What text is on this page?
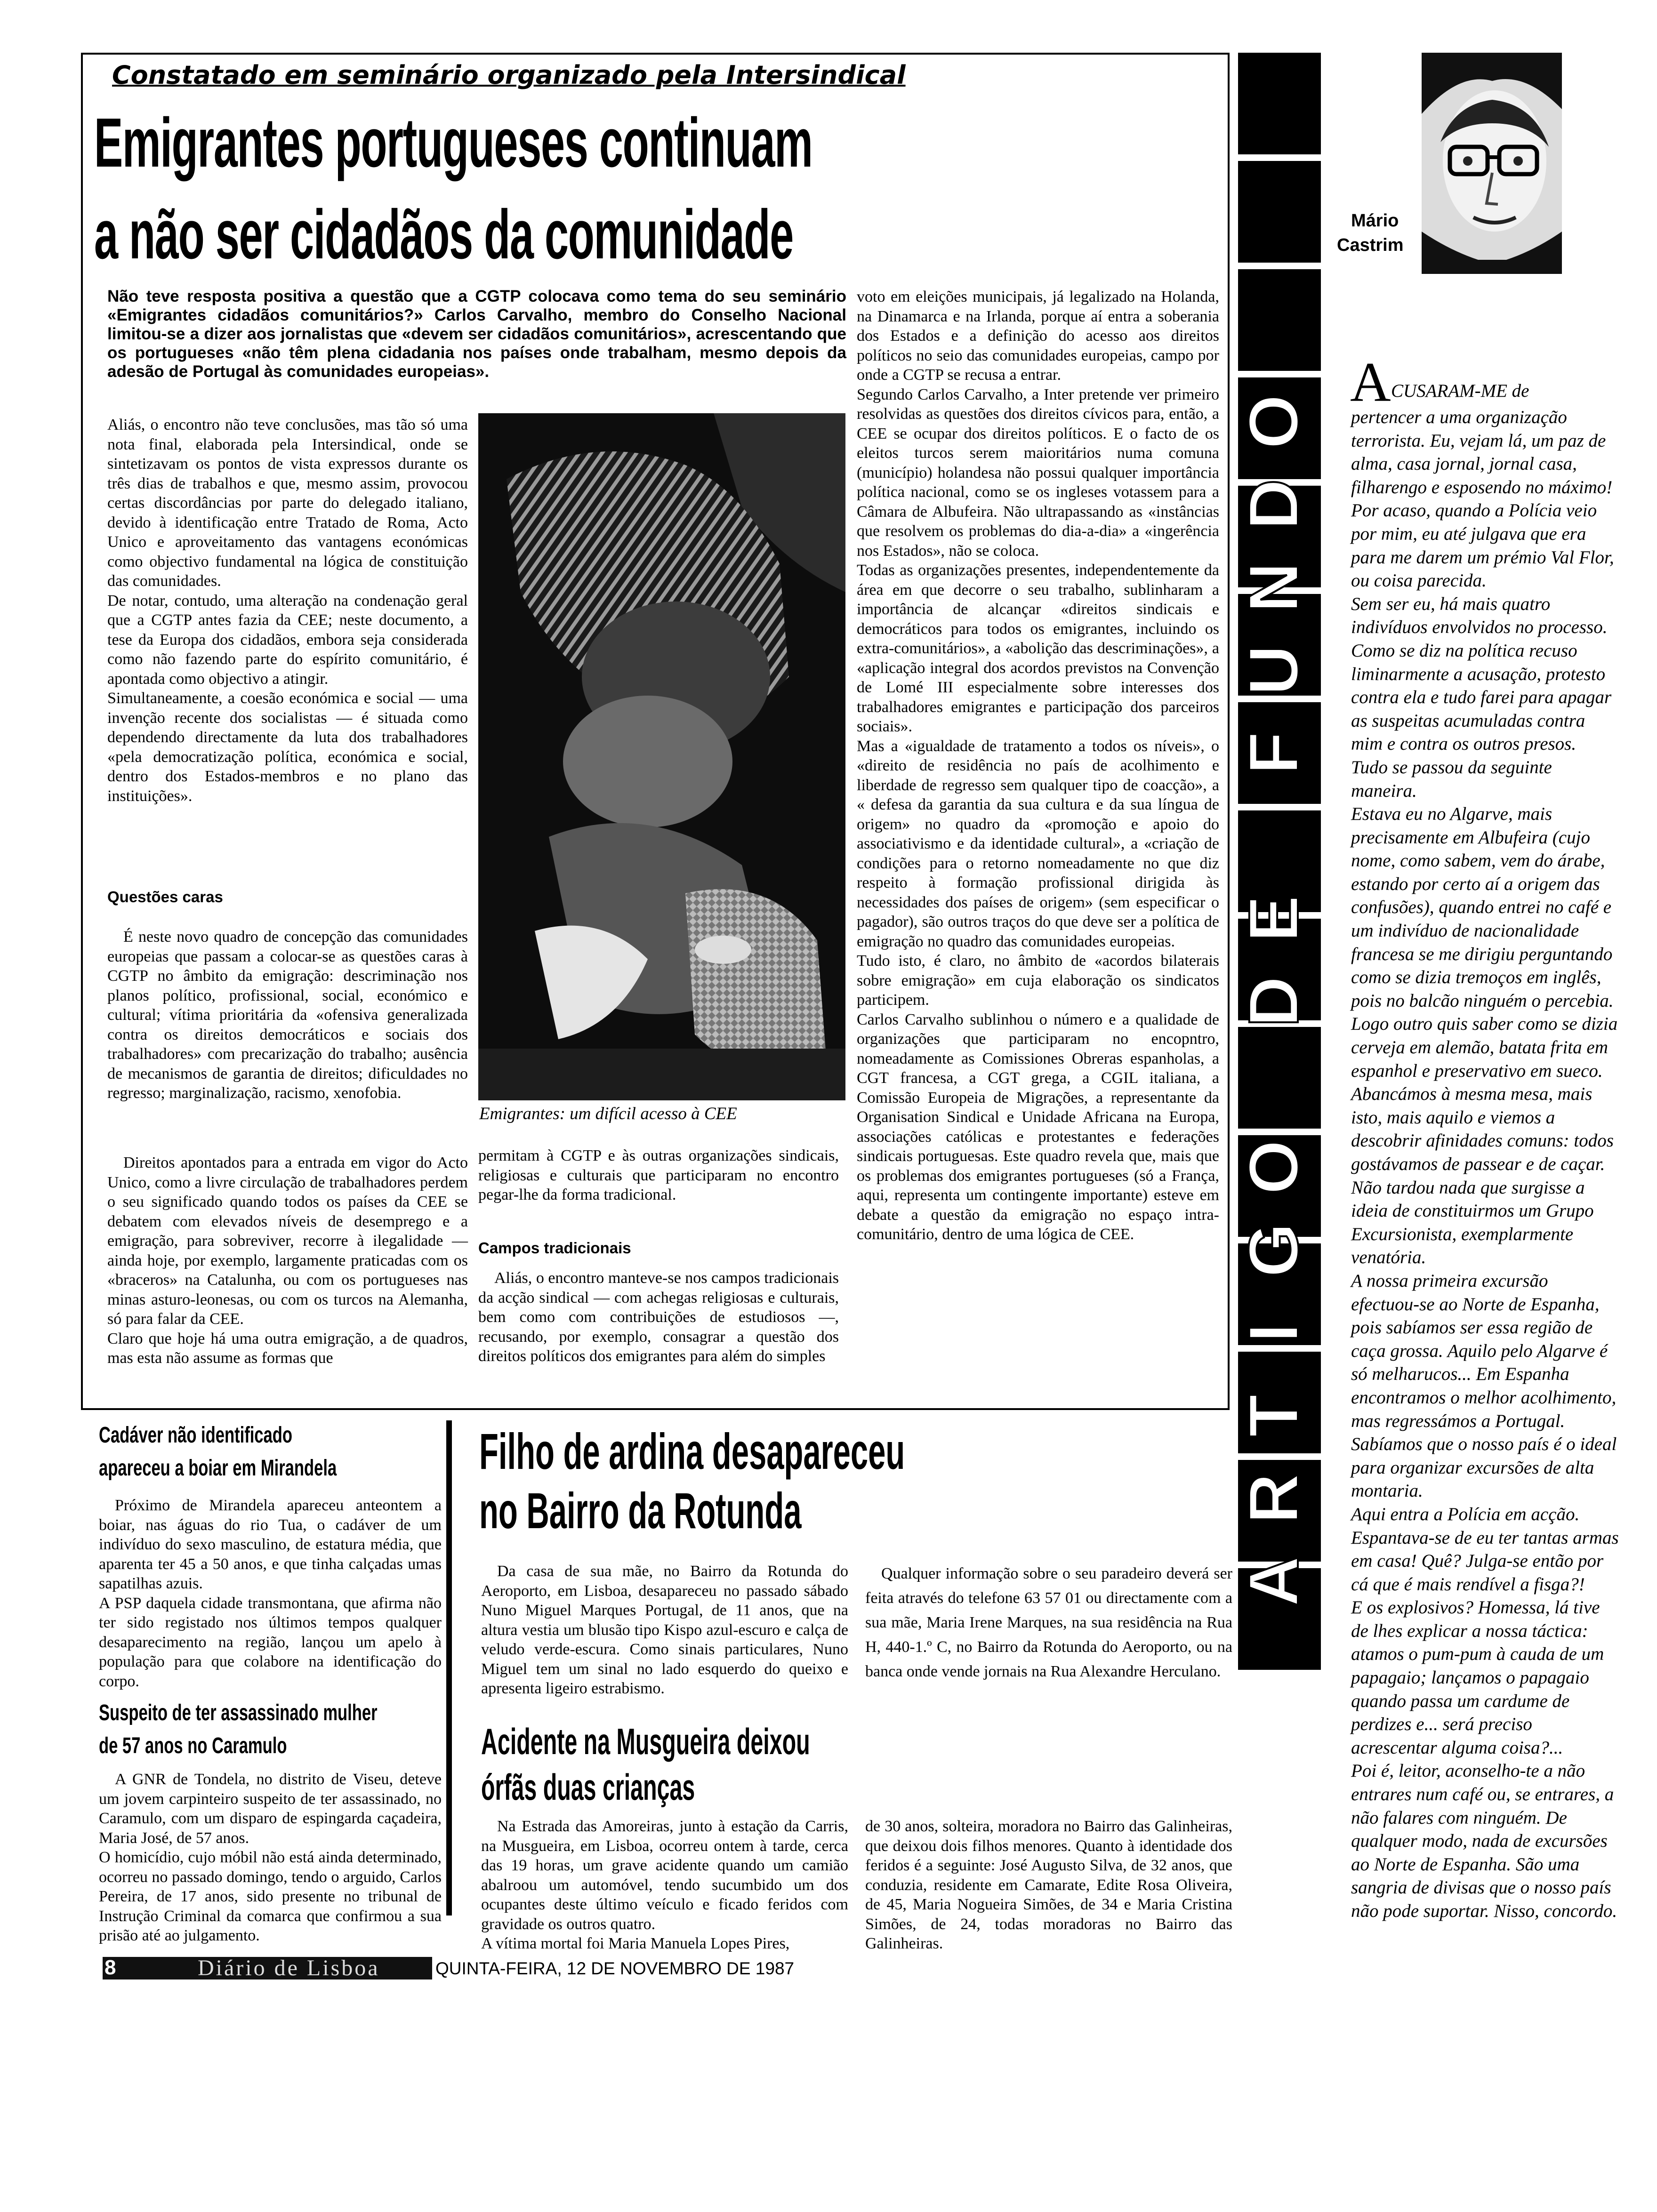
Constatado em seminário organizado pela Intersindical
Emigrantes portugueses continuam
a não ser cidadãos da comunidade
Não teve resposta positiva a questão que a CGTP colocava como tema do seu seminário «Emigrantes cidadãos comunitários?» Carlos Carvalho, membro do Conselho Nacional limitou-se a dizer aos jornalistas que «devem ser cidadãos comunitários», acrescentando que os portugueses «não têm plena cidadania nos países onde trabalham, mesmo depois da adesão de Portugal às comunidades europeias».
Aliás, o encontro não teve conclusões, mas tão só uma nota final, elaborada pela Intersindical, onde se sintetizavam os pontos de vista expressos durante os três dias de trabalhos e que, mesmo assim, provocou certas discordâncias por parte do delegado italiano, devido à identificação entre Tratado de Roma, Acto Unico e aproveitamento das vantagens económicas como objectivo fundamental na lógica de constituição das comunidades.
De notar, contudo, uma alteração na condenação geral que a CGTP antes fazia da CEE; neste documento, a tese da Europa dos cidadãos, embora seja considerada como não fazendo parte do espírito comunitário, é apontada como objectivo a atingir.
Simultaneamente, a coesão económica e social — uma invenção recente dos socialistas — é situada como dependendo directamente da luta dos trabalhadores «pela democratização política, económica e social, dentro dos Estados-membros e no plano das instituições».
Questões caras
É neste novo quadro de concepção das comunidades europeias que passam a colocar-se as questões caras à CGTP no âmbito da emigração: descriminação nos planos político, profissional, social, económico e cultural; vítima prioritária da «ofensiva generalizada contra os direitos democráticos e sociais dos trabalhadores» com precarização do trabalho; ausência de mecanismos de garantia de direitos; dificuldades no regresso; marginalização, racismo, xenofobia.
Direitos apontados para a entrada em vigor do Acto Unico, como a livre circulação de trabalhadores perdem o seu significado quando todos os países da CEE se debatem com elevados níveis de desemprego e a emigração, para sobreviver, recorre à ilegalidade — ainda hoje, por exemplo, largamente praticadas com os «braceros» na Catalunha, ou com os portugueses nas minas asturo-leonesas, ou com os turcos na Alemanha, só para falar da CEE.
Claro que hoje há uma outra emigração, a de quadros, mas esta não assume as formas que
Emigrantes: um difícil acesso à CEE
permitam à CGTP e às outras organizações sindicais, religiosas e culturais que participaram no encontro pegar-lhe da forma tradicional.
Campos tradicionais
Aliás, o encontro manteve-se nos campos tradicionais da acção sindical — com achegas religiosas e culturais, bem como com contribuições de estudiosos —, recusando, por exemplo, consagrar a questão dos direitos políticos dos emigrantes para além do simples
voto em eleições municipais, já legalizado na Holanda, na Dinamarca e na Irlanda, porque aí entra a soberania dos Estados e a definição do acesso aos direitos políticos no seio das comunidades europeias, campo por onde a CGTP se recusa a entrar.
Segundo Carlos Carvalho, a Inter pretende ver primeiro resolvidas as questões dos direitos cívicos para, então, a CEE se ocupar dos direitos políticos. E o facto de os eleitos turcos serem maioritários numa comuna (município) holandesa não possui qualquer importância política nacional, como se os ingleses votassem para a Câmara de Albufeira. Não ultrapassando as «instâncias que resolvem os problemas do dia-a-dia» a «ingerência nos Estados», não se coloca.
Todas as organizações presentes, independentemente da área em que decorre o seu trabalho, sublinharam a importância de alcançar «direitos sindicais e democráticos para todos os emigrantes, incluindo os extra-comunitários», a «abolição das descriminações», a «aplicação integral dos acordos previstos na Convenção de Lomé III especialmente sobre interesses dos trabalhadores emigrantes e participação dos parceiros sociais».
Mas a «igualdade de tratamento a todos os níveis», o «direito de residência no país de acolhimento e liberdade de regresso sem qualquer tipo de coacção», a « defesa da garantia da sua cultura e da sua língua de origem» no quadro da «promoção e apoio do associativismo e da identidade cultural», a «criação de condições para o retorno nomeadamente no que diz respeito à formação profissional dirigida às necessidades dos países de origem» (sem especificar o pagador), são outros traços do que deve ser a política de emigração no quadro das comunidades europeias.
Tudo isto, é claro, no âmbito de «acordos bilaterais sobre emigração» em cuja elaboração os sindicatos participem.
Carlos Carvalho sublinhou o número e a qualidade de organizações que participaram no encopntro, nomeadamente as Comissiones Obreras espanholas, a CGT francesa, a CGT grega, a CGIL italiana, a Comissão Europeia de Migrações, a representante da Organisation Sindical e Unidade Africana na Europa, associações católicas e protestantes e federações sindicais portuguesas. Este quadro revela que, mais que os problemas dos emigrantes portugueses (só a França, aqui, representa um contingente importante) esteve em debate a questão da emigração no espaço intra-comunitário, dentro de uma lógica de CEE.
Cadáver não identificado
apareceu a boiar em Mirandela
Próximo de Mirandela apareceu anteontem a boiar, nas águas do rio Tua, o cadáver de um indivíduo do sexo masculino, de estatura média, que aparenta ter 45 a 50 anos, e que tinha calçadas umas sapatilhas azuis.
A PSP daquela cidade transmontana, que afirma não ter sido registado nos últimos tempos qualquer desaparecimento na região, lançou um apelo à população para que colabore na identificação do corpo.
Suspeito de ter assassinado mulher
de 57 anos no Caramulo
A GNR de Tondela, no distrito de Viseu, deteve um jovem carpinteiro suspeito de ter assassinado, no Caramulo, com um disparo de espingarda caçadeira, Maria José, de 57 anos.
O homicídio, cujo móbil não está ainda determinado, ocorreu no passado domingo, tendo o arguido, Carlos Pereira, de 17 anos, sido presente no tribunal de Instrução Criminal da comarca que confirmou a sua prisão até ao julgamento.
Filho de ardina desapareceu
no Bairro da Rotunda
Da casa de sua mãe, no Bairro da Rotunda do Aeroporto, em Lisboa, desapareceu no passado sábado Nuno Miguel Marques Portugal, de 11 anos, que na altura vestia um blusão tipo Kispo azul-escuro e calça de veludo verde-escura. Como sinais particulares, Nuno Miguel tem um sinal no lado esquerdo do queixo e apresenta ligeiro estrabismo.
Qualquer informação sobre o seu paradeiro deverá ser feita através do telefone 63 57 01 ou directamente com a sua mãe, Maria Irene Marques, na sua residência na Rua H, 440-1.º C, no Bairro da Rotunda do Aeroporto, ou na banca onde vende jornais na Rua Alexandre Herculano.
Acidente na Musgueira deixou
órfãs duas crianças
Na Estrada das Amoreiras, junto à estação da Carris, na Musgueira, em Lisboa, ocorreu ontem à tarde, cerca das 19 horas, um grave acidente quando um camião abalroou um automóvel, tendo sucumbido um dos ocupantes deste último veículo e ficado feridos com gravidade os outros quatro.
A vítima mortal foi Maria Manuela Lopes Pires,
de 30 anos, solteira, moradora no Bairro das Galinheiras, que deixou dois filhos menores. Quanto à identidade dos feridos é a seguinte: José Augusto Silva, de 32 anos, que conduzia, residente em Camarate, Edite Rosa Oliveira, de 45, Maria Nogueira Simões, de 34 e Maria Cristina Simões, de 24, todas moradoras no Bairro das Galinheiras.
8	Diário de Lisboa	QUINTA-FEIRA, 12 DE NOVEMBRO DE 1987
Mário
Castrim
O
D
N
U
F
E
D
O
G
I
T
R
A
A CUSARAM-ME de
pertencer a uma organização terrorista. Eu, vejam lá, um paz de alma, casa jornal, jornal casa, filharengo e esposendo no máximo! Por acaso, quando a Polícia veio por mim, eu até julgava que era para me darem um prémio Val Flor, ou coisa parecida.
Sem ser eu, há mais quatro indivíduos envolvidos no processo. Como se diz na política recuso liminarmente a acusação, protesto contra ela e tudo farei para apagar as suspeitas acumuladas contra mim e contra os outros presos.
Tudo se passou da seguinte maneira.
Estava eu no Algarve, mais precisamente em Albufeira (cujo nome, como sabem, vem do árabe, estando por certo aí a origem das confusões), quando entrei no café e um indivíduo de nacionalidade francesa se me dirigiu perguntando como se dizia tremoços em inglês, pois no balcão ninguém o percebia.
Logo outro quis saber como se dizia cerveja em alemão, batata frita em espanhol e preservativo em sueco.
Abancámos à mesma mesa, mais isto, mais aquilo e viemos a descobrir afinidades comuns: todos gostávamos de passear e de caçar. Não tardou nada que surgisse a ideia de constituirmos um Grupo Excursionista, exemplarmente venatória.
A nossa primeira excursão efectuou-se ao Norte de Espanha, pois sabíamos ser essa região de caça grossa. Aquilo pelo Algarve é só melharucos... Em Espanha encontramos o melhor acolhimento, mas regressámos a Portugal.
Sabíamos que o nosso país é o ideal para organizar excursões de alta montaria.
Aqui entra a Polícia em acção. Espantava-se de eu ter tantas armas em casa! Quê? Julga-se então por cá que é mais rendível a fisga?!
E os explosivos? Homessa, lá tive de lhes explicar a nossa táctica: atamos o pum-pum à cauda de um papagaio; lançamos o papagaio quando passa um cardume de perdizes e... será preciso acrescentar alguma coisa?...
Poi é, leitor, aconselho-te a não entrares num café ou, se entrares, a não falares com ninguém. De qualquer modo, nada de excursões ao Norte de Espanha. São uma sangria de divisas que o nosso país não pode suportar. Nisso, concordo.
